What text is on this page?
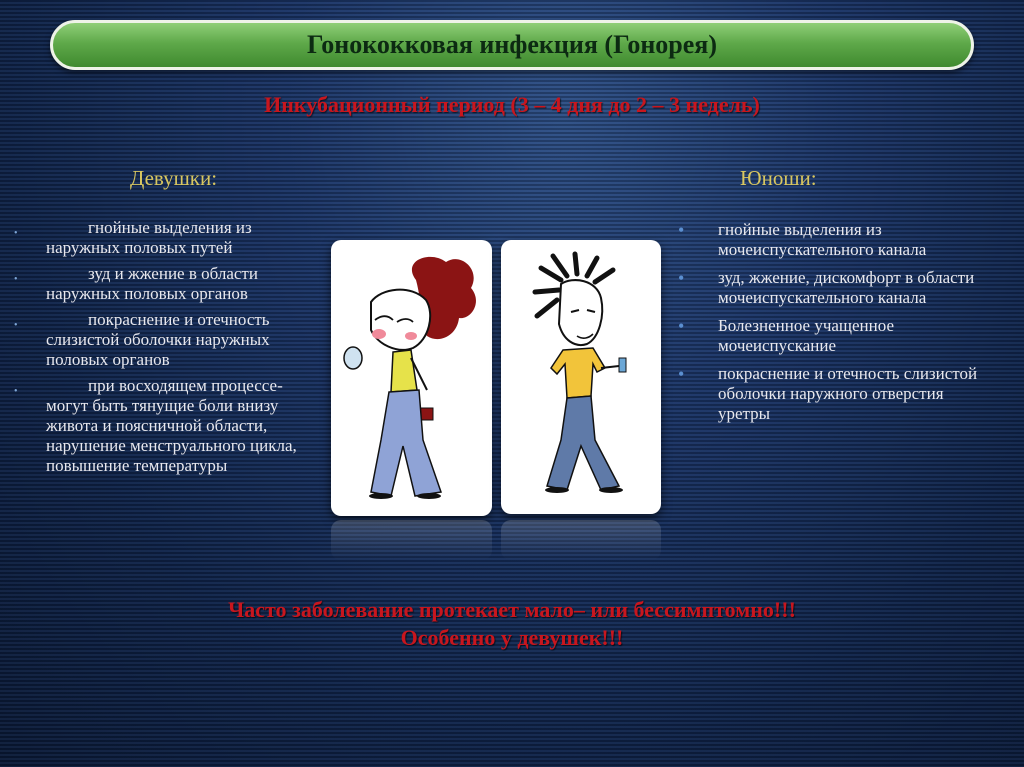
Гонококковая инфекция (Гонорея)
Инкубационный период (3 – 4 дня до 2 – 3 недель)
Девушки:	Юноши:
•	гнойные выделения из наружных половых путей
•	зуд и жжение в области наружных половых органов
•	покраснение и отечность слизистой оболочки наружных половых органов
•	при восходящем процессе- могут быть тянущие боли внизу живота и поясничной области, нарушение менструального цикла, повышение температуры
• гнойные выделения из мочеиспускательного канала
• зуд, жжение, дискомфорт в области мочеиспускательного канала
• Болезненное учащенное мочеиспускание
• покраснение и отечность слизистой оболочки наружного отверстия уретры
Часто заболевание протекает мало– или бессимптомно!!!
Особенно у девушек!!!
